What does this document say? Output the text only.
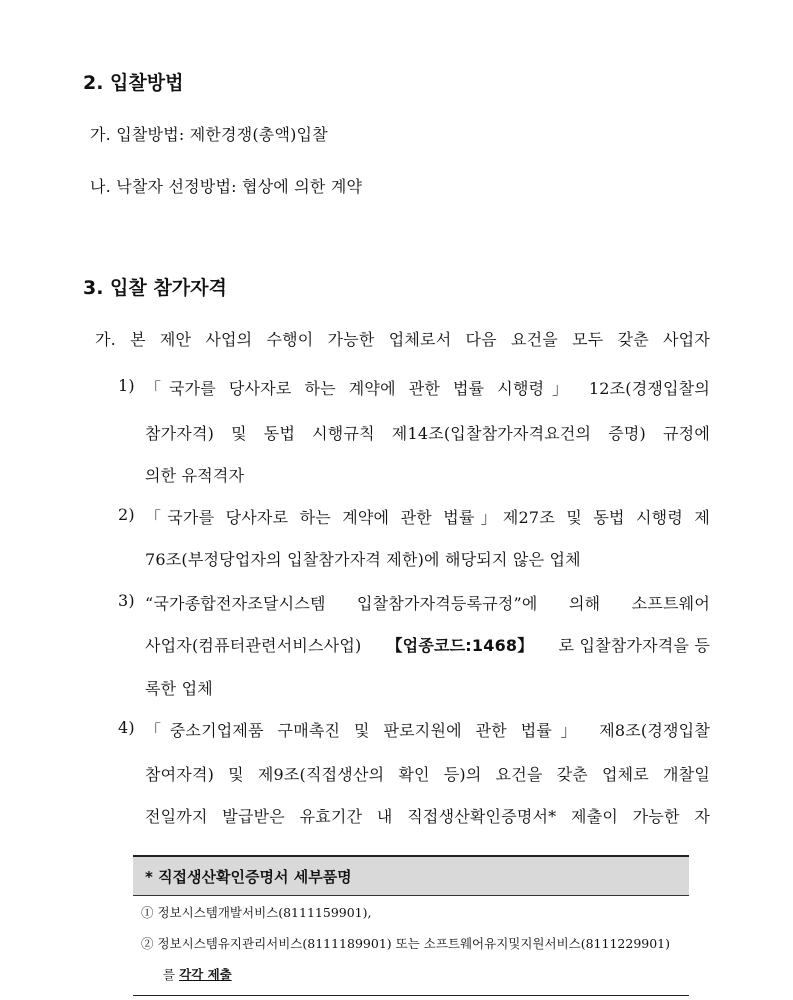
2. 입찰방법
가. 입찰방법: 제한경쟁(총액)입찰
나. 낙찰자 선정방법: 협상에 의한 계약
3. 입찰 참가자격
가. 본 제안 사업의 수행이 가능한 업체로서 다음 요건을 모두 갖춘 사업자
1) 「국가를 당사자로 하는 계약에 관한 법률 시행령」 12조(경쟁입찰의
참가자격) 및 동법 시행규칙 제14조(입찰참가자격요건의 증명) 규정에
의한 유적격자
2) 「국가를 당사자로 하는 계약에 관한 법률」제27조 및 동법 시행령 제
76조(부정당업자의 입찰참가자격 제한)에 해당되지 않은 업체
3) “국가종합전자조달시스템 입찰참가자격등록규정”에 의해 소프트웨어
사업자(컴퓨터관련서비스사업) 【업종코드:1468】 로 입찰참가자격을 등
록한 업체
4) 「중소기업제품 구매촉진 및 판로지원에 관한 법률」 제8조(경쟁입찰
참여자격) 및 제9조(직접생산의 확인 등)의 요건을 갖춘 업체로 개찰일
전일까지 발급받은 유효기간 내 직접생산확인증명서* 제출이 가능한 자
* 직접생산확인증명서 세부품명
① 정보시스템개발서비스(8111159901),
② 정보시스템유지관리서비스(8111189901) 또는 소프트웨어유지및지원서비스(8111229901)
를 각각 제출
